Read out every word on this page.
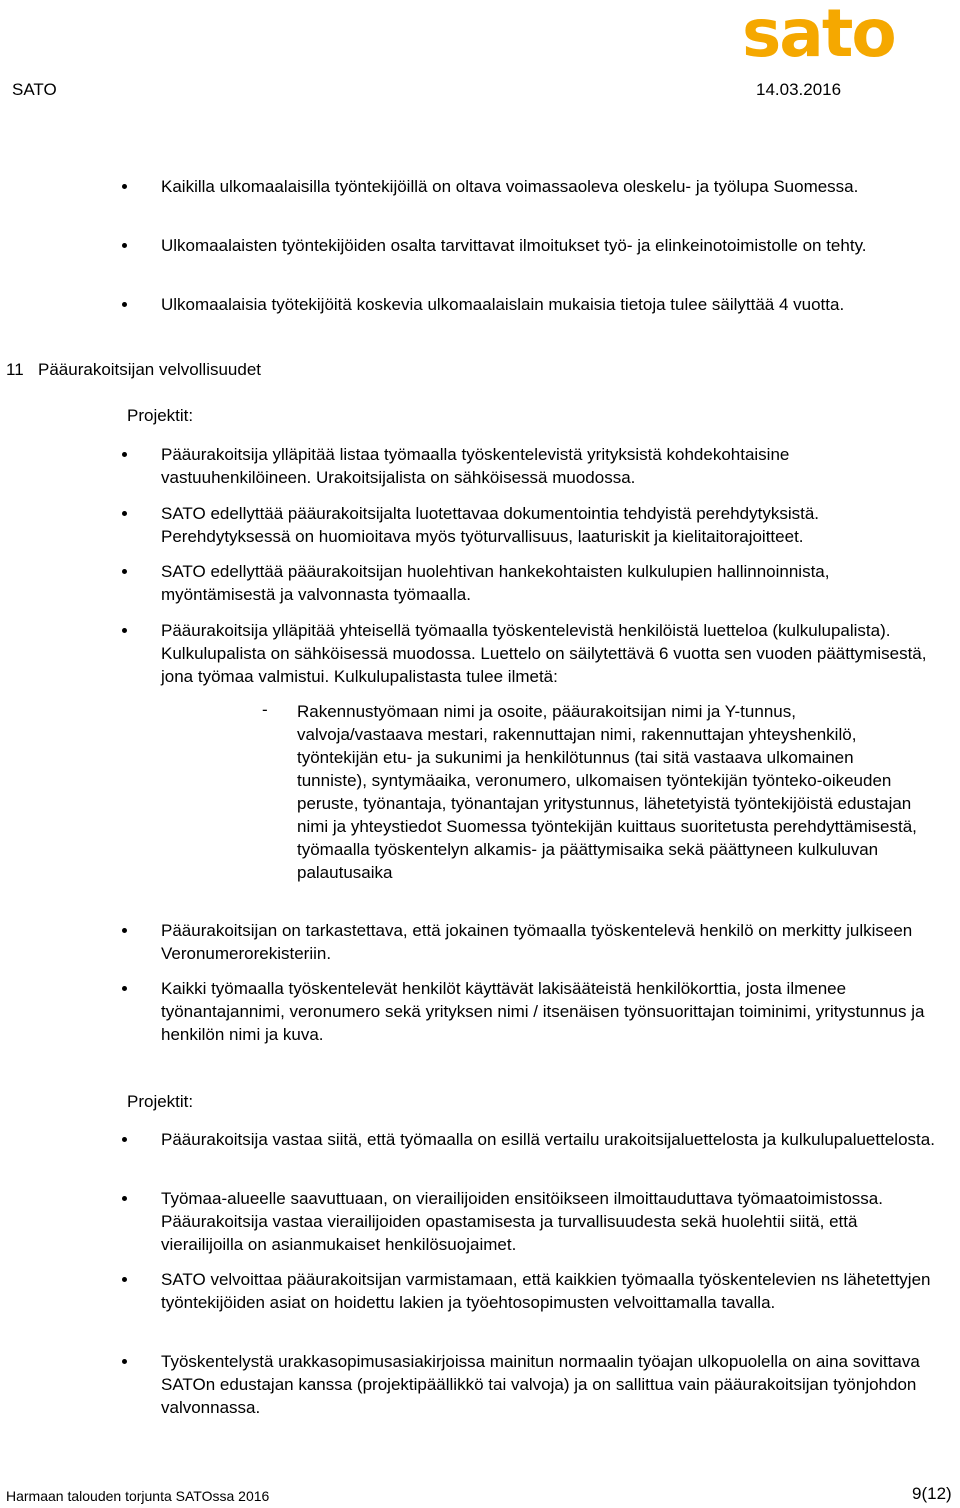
sato
SATO	14.03.2016
Kaikilla ulkomaalaisilla työntekijöillä on oltava voimassaoleva oleskelu- ja työlupa Suomessa.
Ulkomaalaisten työntekijöiden osalta tarvittavat ilmoitukset työ- ja elinkeinotoimistolle on tehty.
Ulkomaalaisia työtekijöitä koskevia ulkomaalaislain mukaisia tietoja tulee säilyttää 4 vuotta.
11 Pääurakoitsijan velvollisuudet
Projektit:
Pääurakoitsija ylläpitää listaa työmaalla työskentelevistä yrityksistä kohdekohtaisine vastuuhenkilöineen. Urakoitsijalista on sähköisessä muodossa.
SATO edellyttää pääurakoitsijalta luotettavaa dokumentointia tehdyistä perehdytyksistä. Perehdytyksessä on huomioitava myös työturvallisuus, laaturiskit ja kielitaitorajoitteet.
SATO edellyttää pääurakoitsijan huolehtivan hankekohtaisten kulkulupien hallinnoinnista, myöntämisestä ja valvonnasta työmaalla.
Pääurakoitsija ylläpitää yhteisellä työmaalla työskentelevistä henkilöistä luetteloa (kulkulupalista). Kulkulupalista on sähköisessä muodossa. Luettelo on säilytettävä 6 vuotta sen vuoden päättymisestä, jona työmaa valmistui. Kulkulupalistasta tulee ilmetä:
- Rakennustyömaan nimi ja osoite, pääurakoitsijan nimi ja Y-tunnus, valvoja/vastaava mestari, rakennuttajan nimi, rakennuttajan yhteyshenkilö, työntekijän etu- ja sukunimi ja henkilötunnus (tai sitä vastaava ulkomainen tunniste), syntymäaika, veronumero, ulkomaisen työntekijän työnteko-oikeuden peruste, työnantaja, työnantajan yritystunnus, lähetetyistä työntekijöistä edustajan nimi ja yhteystiedot Suomessa työntekijän kuittaus suoritetusta perehdyttämisestä, työmaalla työskentelyn alkamis- ja päättymisaika sekä päättyneen kulkuluvan palautusaika
Pääurakoitsijan on tarkastettava, että jokainen työmaalla työskentelevä henkilö on merkitty julkiseen Veronumerorekisteriin.
Kaikki työmaalla työskentelevät henkilöt käyttävät lakisääteistä henkilökorttia, josta ilmenee työnantajannimi, veronumero sekä yrityksen nimi / itsenäisen työnsuorittajan toiminimi, yritystunnus ja henkilön nimi ja kuva.
Projektit:
Pääurakoitsija vastaa siitä, että työmaalla on esillä vertailu urakoitsijaluettelosta ja kulkulupaluettelosta.
Työmaa-alueelle saavuttuaan, on vierailijoiden ensitöikseen ilmoittauduttava työmaatoimistossa. Pääurakoitsija vastaa vierailijoiden opastamisesta ja turvallisuudesta sekä huolehtii siitä, että vierailijoilla on asianmukaiset henkilösuojaimet.
SATO velvoittaa pääurakoitsijan varmistamaan, että kaikkien työmaalla työskentelevien ns lähetettyjen työntekijöiden asiat on hoidettu lakien ja työehtosopimusten velvoittamalla tavalla.
Työskentelystä urakkasopimusasiakirjoissa mainitun normaalin työajan ulkopuolella on aina sovittava SATOn edustajan kanssa (projektipäällikkö tai valvoja) ja on sallittua vain pääurakoitsijan työnjohdon valvonnassa.
Harmaan talouden torjunta SATOssa 2016	9(12)
